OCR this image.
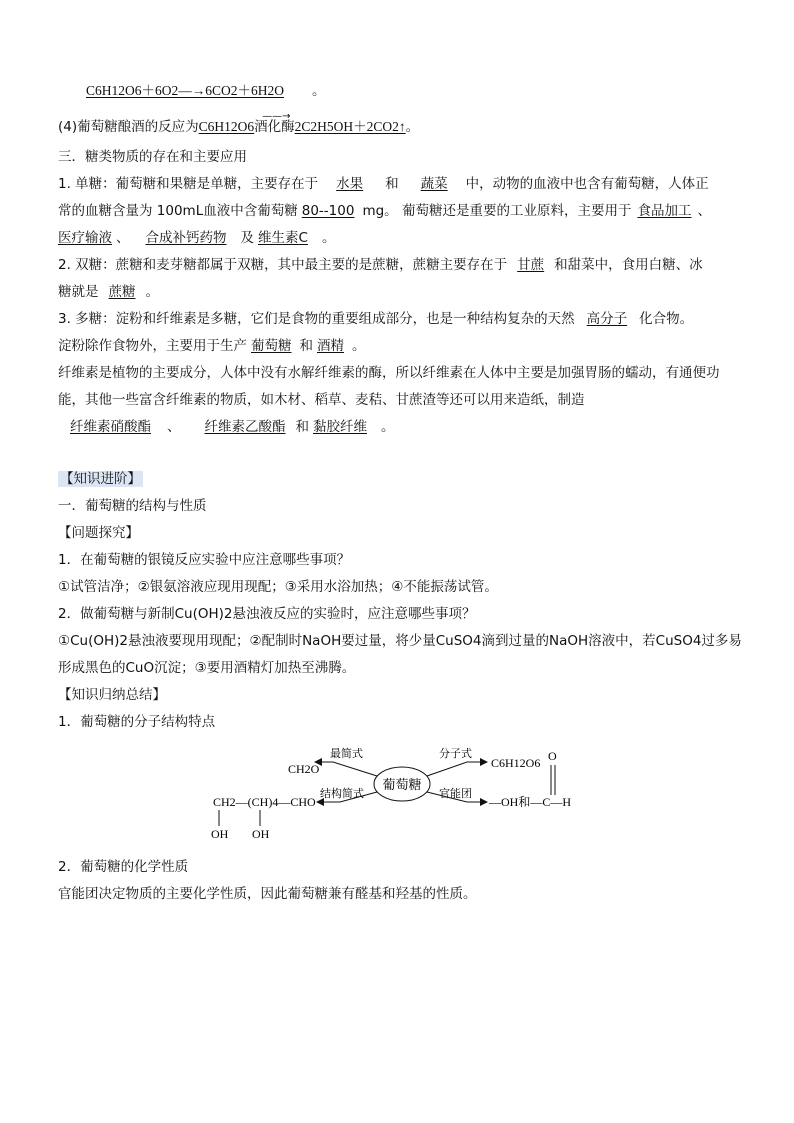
C6H12O6＋6O2—→6CO2＋6H2O 。
(4)葡萄糖酿酒的反应为C6H12O6
——→
酒化酶2C2H5OH＋2CO2↑。
三．糖类物质的存在和主要应用
1. 单糖：葡萄糖和果糖是单糖，主要存在于 水果 和 蔬菜 中，动物的血液中也含有葡萄糖，人体正
常的血糖含量为 100mL血液中含葡萄糖 80--100 mg。 葡萄糖还是重要的工业原料，主要用于 食品加工 、
医疗输液 、 合成补钙药物 及 维生素C 。
2. 双糖：蔗糖和麦芽糖都属于双糖，其中最主要的是蔗糖，蔗糖主要存在于 甘蔗 和甜菜中，食用白糖、冰
糖就是 蔗糖 。
3. 多糖：淀粉和纤维素是多糖，它们是食物的重要组成部分，也是一种结构复杂的天然 高分子 化合物。
淀粉除作食物外，主要用于生产 葡萄糖 和 酒精 。
纤维素是植物的主要成分，人体中没有水解纤维素的酶，所以纤维素在人体中主要是加强胃肠的蠕动，有通便功
能，其他一些富含纤维素的物质，如木材、稻草、麦秸、甘蔗渣等还可以用来造纸，制造
纤维素硝酸酯 、 纤维素乙酸酯 和 黏胶纤维 。
【知识进阶】
一．葡萄糖的结构与性质
【问题探究】
1．在葡萄糖的银镜反应实验中应注意哪些事项？
①试管洁净；②银氨溶液应现用现配；③采用水浴加热；④不能振荡试管。
2．做葡萄糖与新制Cu(OH)2悬浊液反应的实验时，应注意哪些事项？
①Cu(OH)2悬浊液要现用现配；②配制时NaOH要过量，将少量CuSO4滴到过量的NaOH溶液中，若CuSO4过多易
形成黑色的CuO沉淀；③要用酒精灯加热至沸腾。
【知识归纳总结】
1．葡萄糖的分子结构特点
葡萄糖
最简式
结构简式
分子式
官能团
CH2O	C6H12O6
CH2—(CH)4—CHO
OH OH
—OH和—C—H
O
2．葡萄糖的化学性质
官能团决定物质的主要化学性质，因此葡萄糖兼有醛基和羟基的性质。
